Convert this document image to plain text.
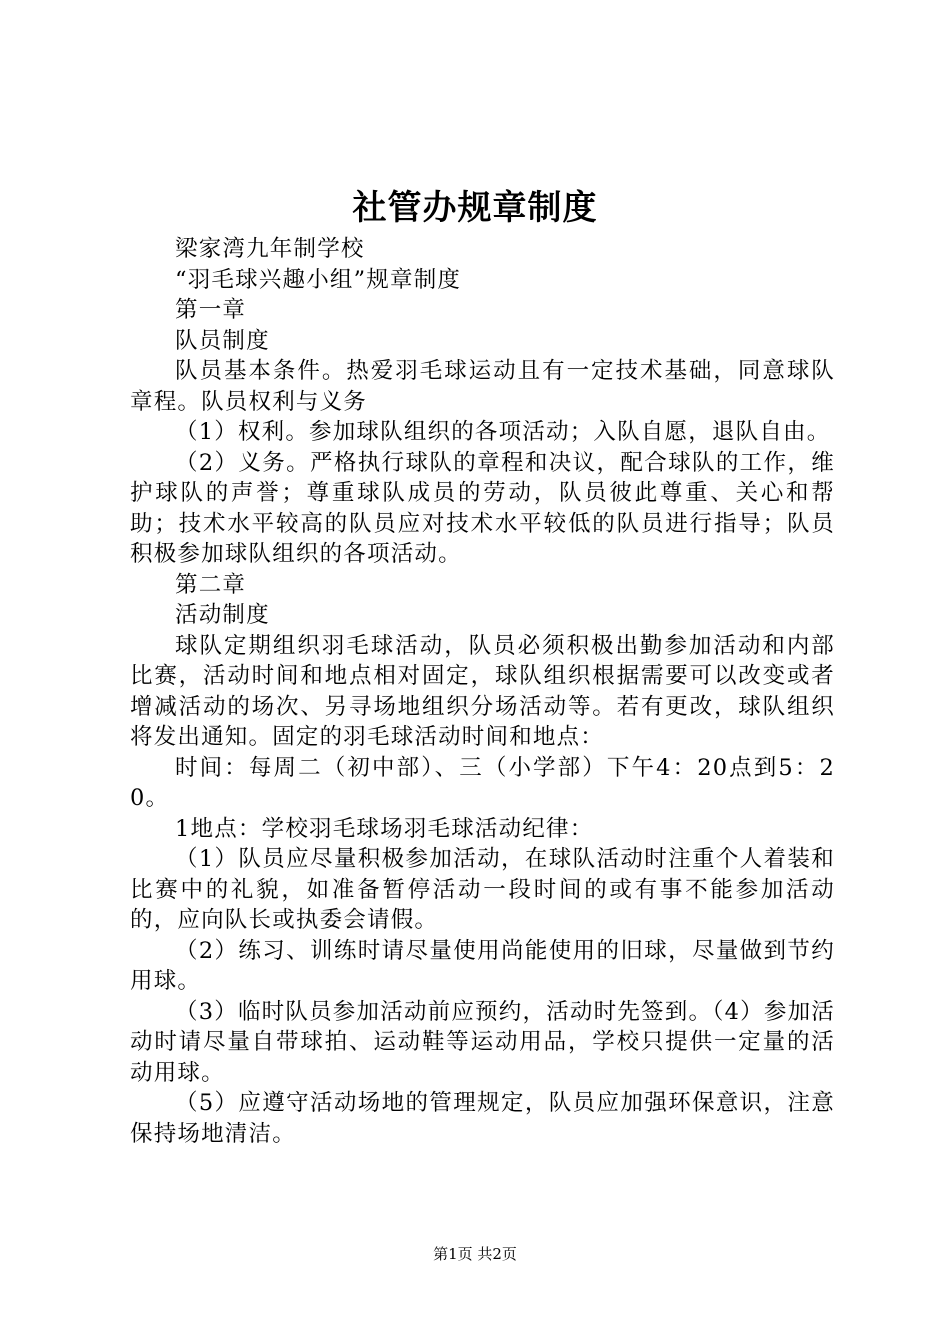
社管办规章制度

梁家湾九年制学校

“羽毛球兴趣小组”规章制度

第一章

队员制度

队员基本条件。热爱羽毛球运动且有一定技术基础，同意球队章程。队员权利与义务

（1）权利。参加球队组织的各项活动；入队自愿，退队自由。

（2）义务。严格执行球队的章程和决议，配合球队的工作，维护球队的声誉；尊重球队成员的劳动，队员彼此尊重、关心和帮助；技术水平较高的队员应对技术水平较低的队员进行指导；队员积极参加球队组织的各项活动。

第二章

活动制度

球队定期组织羽毛球活动，队员必须积极出勤参加活动和内部比赛，活动时间和地点相对固定，球队组织根据需要可以改变或者增减活动的场次、另寻场地组织分场活动等。若有更改，球队组织将发出通知。固定的羽毛球活动时间和地点：

时间：每周二（初中部）、三（小学部）下午4：20点到5：20。

1地点：学校羽毛球场羽毛球活动纪律：

（1）队员应尽量积极参加活动，在球队活动时注重个人着装和比赛中的礼貌，如准备暂停活动一段时间的或有事不能参加活动的，应向队长或执委会请假。

（2）练习、训练时请尽量使用尚能使用的旧球，尽量做到节约用球。

（3）临时队员参加活动前应预约，活动时先签到。（4）参加活动时请尽量自带球拍、运动鞋等运动用品，学校只提供一定量的活动用球。

（5）应遵守活动场地的管理规定，队员应加强环保意识，注意保持场地清洁。

第1页 共2页
